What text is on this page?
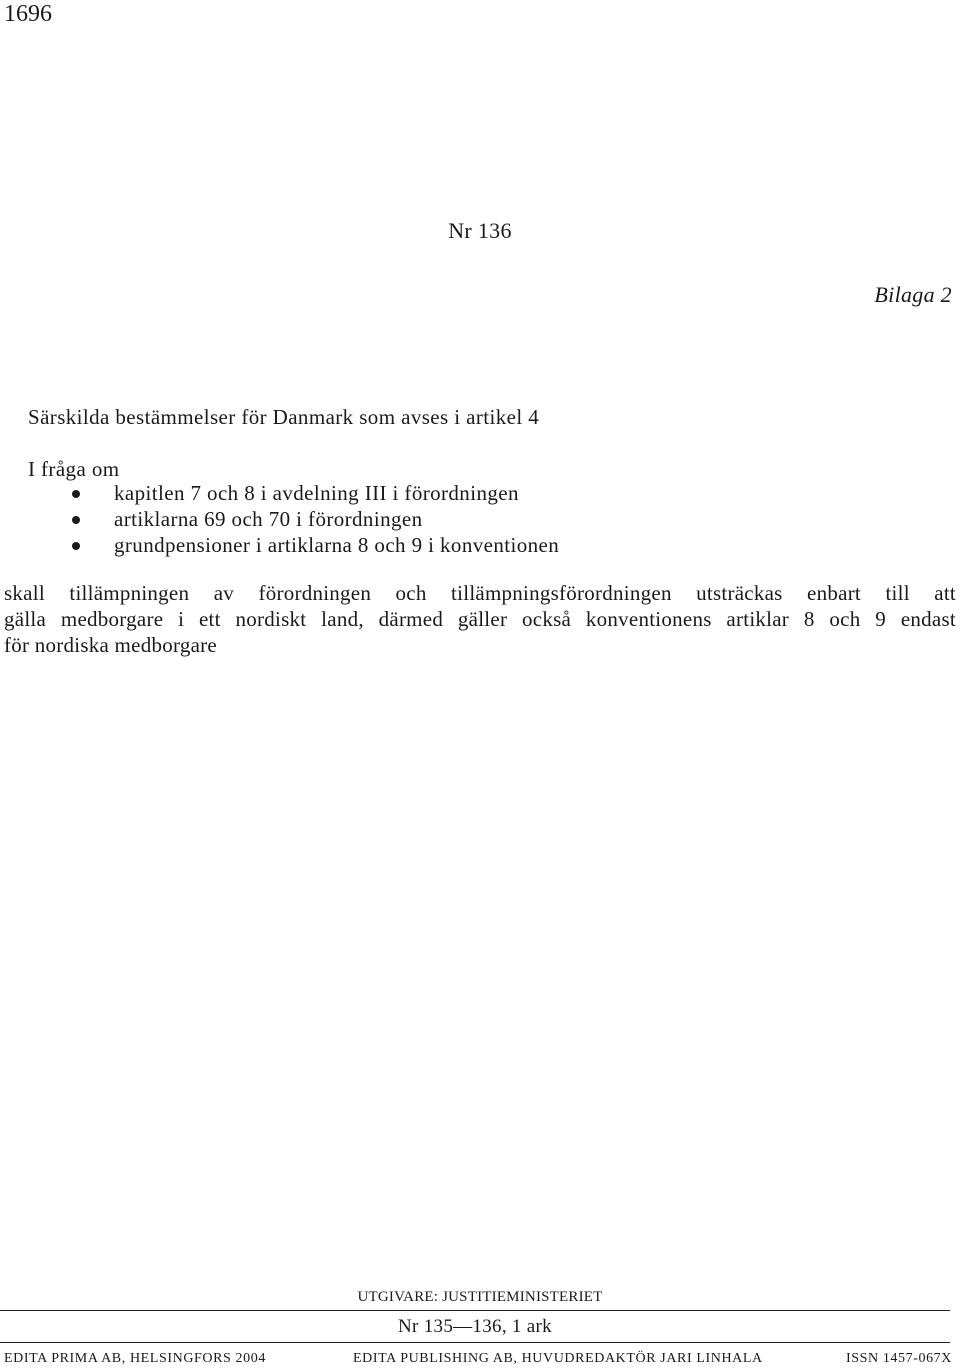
1696
Nr 136
Bilaga 2
Särskilda bestämmelser för Danmark som avses i artikel 4
I fråga om
kapitlen 7 och 8 i avdelning III i förordningen
artiklarna 69 och 70 i förordningen
grundpensioner i artiklarna 8 och 9 i konventionen
skall tillämpningen av förordningen och tillämpningsförordningen utsträckas enbart till att
gälla medborgare i ett nordiskt land, därmed gäller också konventionens artiklar 8 och 9 endast
för nordiska medborgare
UTGIVARE: JUSTITIEMINISTERIET
Nr 135—136, 1 ark
EDITA PRIMA AB, HELSINGFORS 2004	EDITA PUBLISHING AB, HUVUDREDAKTÖR JARI LINHALA	ISSN 1457-067X
